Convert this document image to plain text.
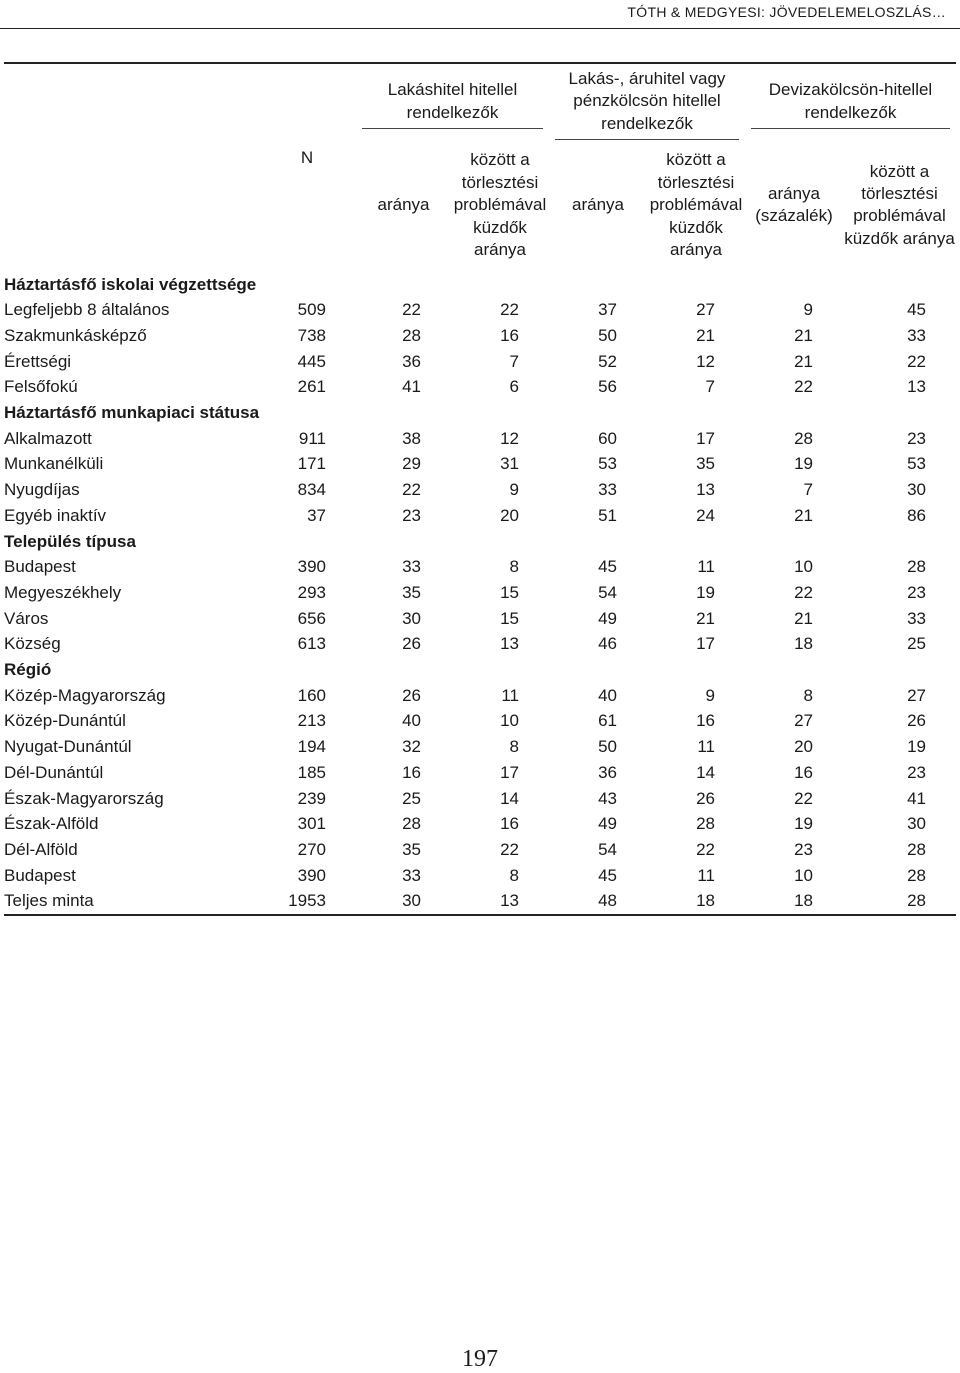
TÓTH & MEDGYESI: JÖVEDELEMELOSZLÁS…
		Lakáshitel hitellel rendelkezők		Lakás-, áruhitel vagy pénzkölcsön hitellel rendelkezők		Devizakölcsön-hitellel rendelkezők	
	N	aránya	között a törlesztési problémával küzdők aránya	aránya	között a törlesztési problémával küzdők aránya	aránya (százalék)	között a törlesztési problémával küzdők aránya
Háztartásfő iskolai végzettsége							
Legfeljebb 8 általános	509	22	22	37	27	9	45
Szakmunkásképző	738	28	16	50	21	21	33
Érettségi	445	36	7	52	12	21	22
Felsőfokú	261	41	6	56	7	22	13
Háztartásfő munkapiaci státusa							
Alkalmazott	911	38	12	60	17	28	23
Munkanélküli	171	29	31	53	35	19	53
Nyugdíjas	834	22	9	33	13	7	30
Egyéb inaktív	37	23	20	51	24	21	86
Település típusa							
Budapest	390	33	8	45	11	10	28
Megyeszékhely	293	35	15	54	19	22	23
Város	656	30	15	49	21	21	33
Község	613	26	13	46	17	18	25
Régió							
Közép-Magyarország	160	26	11	40	9	8	27
Közép-Dunántúl	213	40	10	61	16	27	26
Nyugat-Dunántúl	194	32	8	50	11	20	19
Dél-Dunántúl	185	16	17	36	14	16	23
Észak-Magyarország	239	25	14	43	26	22	41
Észak-Alföld	301	28	16	49	28	19	30
Dél-Alföld	270	35	22	54	22	23	28
Budapest	390	33	8	45	11	10	28
Teljes minta	1953	30	13	48	18	18	28
197
